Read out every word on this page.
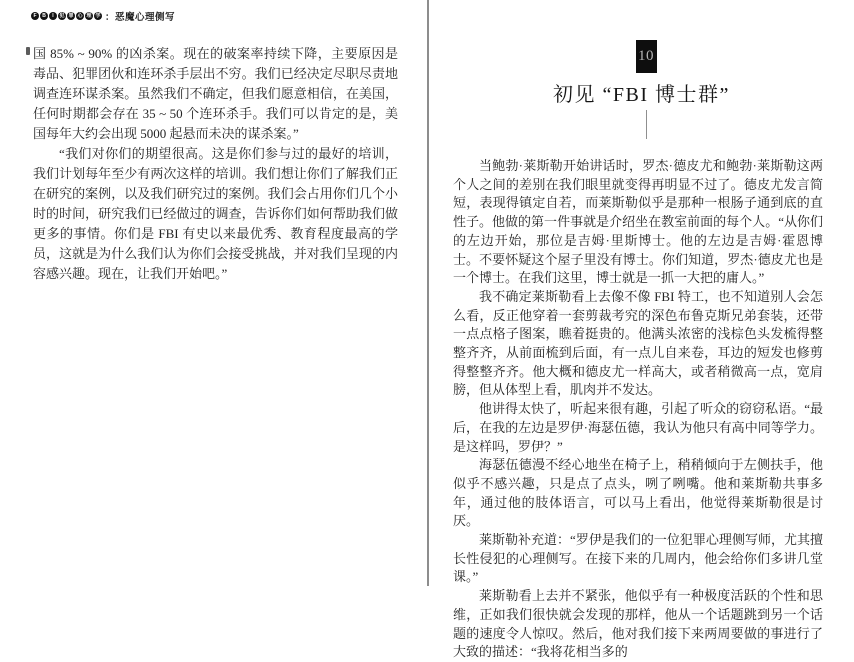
F	B	I	犯 罪 心 理 学 ：恶魔心理侧写

国 85% ~ 90% 的凶杀案。现在的破案率持续下降，主要原因是毒品、犯罪团伙和连环杀手层出不穷。我们已经决定尽职尽责地调查连环谋杀案。虽然我们不确定，但我们愿意相信，在美国，任何时期都会存在 35 ~ 50 个连环杀手。我们可以肯定的是，美国每年大约会出现 5000 起悬而未决的谋杀案。”

“我们对你们的期望很高。这是你们参与过的最好的培训，我们计划每年至少有两次这样的培训。我们想让你们了解我们正在研究的案例，以及我们研究过的案例。我们会占用你们几个小时的时间，研究我们已经做过的调查，告诉你们如何帮助我们做更多的事情。你们是 FBI 有史以来最优秀、教育程度最高的学员，这就是为什么我们认为你们会接受挑战，并对我们呈现的内容感兴趣。现在，让我们开始吧。”

10
初见 “FBI 博士群”

当鲍勃·莱斯勒开始讲话时，罗杰·德皮尤和鲍勃·莱斯勒这两个人之间的差别在我们眼里就变得再明显不过了。德皮尤发言简短，表现得镇定自若，而莱斯勒似乎是那种一根肠子通到底的直性子。他做的第一件事就是介绍坐在教室前面的每个人。“从你们的左边开始，那位是吉姆·里斯博士。他的左边是吉姆·霍恩博士。不要怀疑这个屋子里没有博士。你们知道，罗杰·德皮尤也是一个博士。在我们这里，博士就是一抓一大把的庸人。”

我不确定莱斯勒看上去像不像 FBI 特工，也不知道别人会怎么看，反正他穿着一套剪裁考究的深色布鲁克斯兄弟套装，还带一点点格子图案，瞧着挺贵的。他满头浓密的浅棕色头发梳得整整齐齐，从前面梳到后面，有一点儿自来卷，耳边的短发也修剪得整整齐齐。他大概和德皮尤一样高大，或者稍微高一点，宽肩膀，但从体型上看，肌肉并不发达。

他讲得太快了，听起来很有趣，引起了听众的窃窃私语。“最后，在我的左边是罗伊·海瑟伍德，我认为他只有高中同等学力。是这样吗，罗伊？”

海瑟伍德漫不经心地坐在椅子上，稍稍倾向于左侧扶手，他似乎不感兴趣，只是点了点头，咧了咧嘴。他和莱斯勒共事多年，通过他的肢体语言，可以马上看出，他觉得莱斯勒很是讨厌。

莱斯勒补充道：“罗伊是我们的一位犯罪心理侧写师，尤其擅长性侵犯的心理侧写。在接下来的几周内，他会给你们多讲几堂课。”

莱斯勒看上去并不紧张，他似乎有一种极度活跃的个性和思维，正如我们很快就会发现的那样，他从一个话题跳到另一个话题的速度令人惊叹。然后，他对我们接下来两周要做的事进行了大致的描述：“我将花相当多的
